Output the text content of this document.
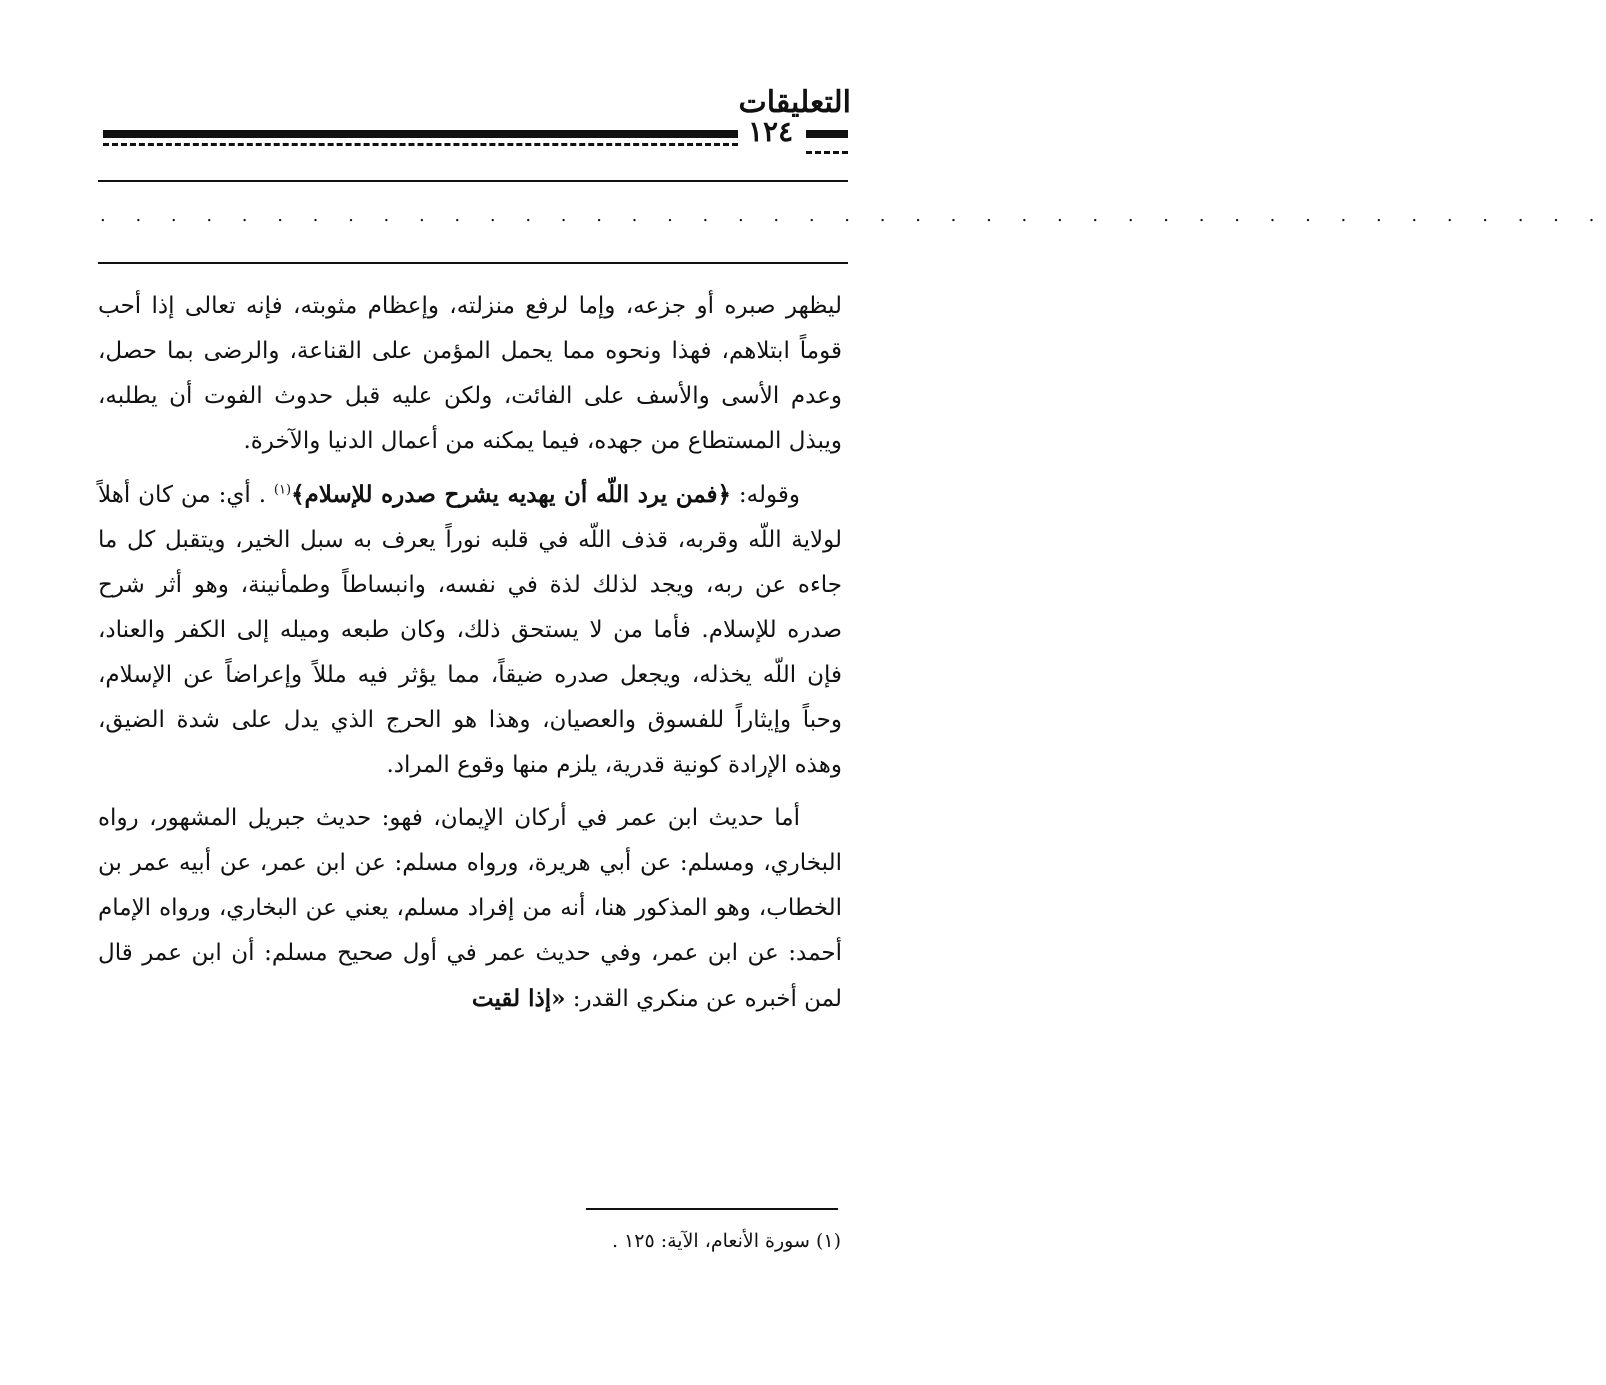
التعليقات
١٢٤
. . . . . . . . . . . . . . . . . . . . . . . . . . . . . . . . . . . . . . . . . . .

ليظهر صبره أو جزعه، وإما لرفع منزلته، وإعظام مثوبته، فإنه تعالى إذا أحب قوماً ابتلاهم، فهذا ونحوه مما يحمل المؤمن على القناعة، والرضى بما حصل، وعدم الأسى والأسف على الفائت، ولكن عليه قبل حدوث الفوت أن يطلبه، ويبذل المستطاع من جهده، فيما يمكنه من أعمال الدنيا والآخرة.

وقوله: ﴿فمن يرد اللّه أن يهديه يشرح صدره للإسلام﴾$^{(١)}$ . أي: من كان أهلاً لولاية اللّه وقربه، قذف اللّه في قلبه نوراً يعرف به سبل الخير، ويتقبل كل ما جاءه عن ربه، ويجد لذلك لذة في نفسه، وانبساطاً وطمأنينة، وهو أثر شرح صدره للإسلام. فأما من لا يستحق ذلك، وكان طبعه وميله إلى الكفر والعناد، فإن اللّه يخذله، ويجعل صدره ضيقاً، مما يؤثر فيه مللاً وإعراضاً عن الإسلام، وحباً وإيثاراً للفسوق والعصيان، وهذا هو الحرج الذي يدل على شدة الضيق، وهذه الإرادة كونية قدرية، يلزم منها وقوع المراد.

أما حديث ابن عمر في أركان الإيمان، فهو: حديث جبريل المشهور، رواه البخاري، ومسلم: عن أبي هريرة، ورواه مسلم: عن ابن عمر، عن أبيه عمر بن الخطاب، وهو المذكور هنا، أنه من إفراد مسلم، يعني عن البخاري، ورواه الإمام أحمد: عن ابن عمر، وفي حديث عمر في أول صحيح مسلم: أن ابن عمر قال لمن أخبره عن منكري القدر: «إذا لقيت

(١) سورة الأنعام، الآية: ١٢٥ .
